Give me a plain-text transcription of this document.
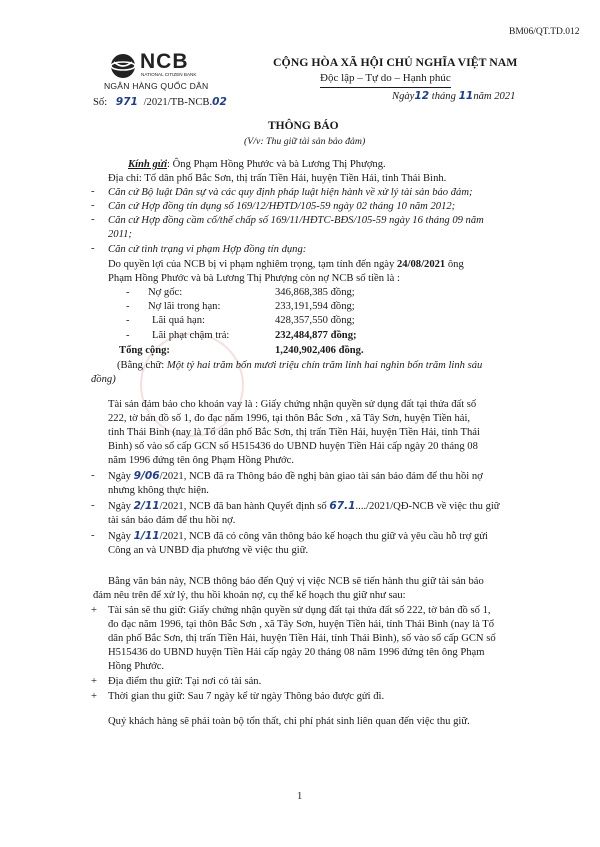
BM06/QT.TD.012
NCB
NATIONAL CITIZEN BANK
NGÂN HÀNG QUỐC DÂN
Số: 971 /2021/TB-NCB.02
CỘNG HÒA XÃ HỘI CHỦ NGHĨA VIỆT NAM
Độc lập – Tự do – Hạnh phúc
Ngày12 tháng 11năm 2021
THÔNG BÁO
(V/v: Thu giữ tài sản bảo đảm)
Kính gửi: Ông Phạm Hồng Phước và bà Lương Thị Phượng.
Địa chỉ: Tổ dân phố Bắc Sơn, thị trấn Tiền Hải, huyện Tiền Hải, tỉnh Thái Bình.
- Căn cứ Bộ luật Dân sự và các quy định pháp luật hiện hành về xử lý tài sản bảo đảm;
- Căn cứ Hợp đồng tín dụng số 169/12/HĐTD/105-59 ngày 02 tháng 10 năm 2012;
- Căn cứ Hợp đồng cầm cố/thế chấp số 169/11/HĐTC-BĐS/105-59 ngày 16 tháng 09 năm
2011;
- Căn cứ tình trạng vi phạm Hợp đồng tín dụng:
Do quyền lợi của NCB bị vi phạm nghiêm trọng, tạm tính đến ngày 24/08/2021 ông
Phạm Hồng Phước và bà Lương Thị Phượng còn nợ NCB số tiền là :
- Nợ gốc:	346,868,385 đồng;
- Nợ lãi trong hạn:	233,191,594 đồng;
- Lãi quá hạn:	428,357,550 đồng;
- Lãi phạt chậm trả:	232,484,877 đồng;
Tổng cộng:	1,240,902,406 đồng.
(Bằng chữ: Một tỷ hai trăm bốn mươi triệu chín trăm linh hai nghìn bốn trăm linh sáu
đồng)
Tài sản đảm bảo cho khoản vay là : Giấy chứng nhận quyền sử dụng đất tại thửa đất số
222, tờ bản đồ số 1, đo đạc năm 1996, tại thôn Bắc Sơn , xã Tây Sơn, huyện Tiền hải,
tỉnh Thái Bình (nay là Tổ dân phố Bắc Sơn, thị trấn Tiền Hải, huyện Tiền Hải, tỉnh Thái
Bình) số vào sổ cấp GCN số H515436 do UBND huyện Tiền Hải cấp ngày 20 tháng 08
năm 1996 đứng tên ông Phạm Hồng Phước.
- Ngày 9/06/2021, NCB đã ra Thông báo đề nghị bàn giao tài sản bảo đảm để thu hồi nợ
nhưng không thực hiện.
- Ngày 2/11/2021, NCB đã ban hành Quyết định số 67.1..../2021/QĐ-NCB về việc thu giữ
tài sản bảo đảm để thu hồi nợ.
- Ngày 1/11/2021, NCB đã có công văn thông báo kế hoạch thu giữ và yêu cầu hỗ trợ gửi
Công an và UNBD địa phương về việc thu giữ.
Bằng văn bản này, NCB thông báo đến Quý vị việc NCB sẽ tiến hành thu giữ tài sản bảo
đảm nêu trên để xử lý, thu hồi khoản nợ, cụ thể kế hoạch thu giữ như sau:
+ Tài sản sẽ thu giữ: Giấy chứng nhận quyền sử dụng đất tại thửa đất số 222, tờ bản đồ số 1,
đo đạc năm 1996, tại thôn Bắc Sơn , xã Tây Sơn, huyện Tiền hải, tỉnh Thái Bình (nay là Tổ
dân phố Bắc Sơn, thị trấn Tiền Hải, huyện Tiền Hải, tỉnh Thái Bình), số vào sổ cấp GCN số
H515436 do UBND huyện Tiền Hải cấp ngày 20 tháng 08 năm 1996 đứng tên ông Phạm
Hồng Phước.
+ Địa điểm thu giữ: Tại nơi có tài sản.
+ Thời gian thu giữ: Sau 7 ngày kể từ ngày Thông báo được gửi đi.
Quý khách hàng sẽ phải toàn bộ tổn thất, chi phí phát sinh liên quan đến việc thu giữ.
1
